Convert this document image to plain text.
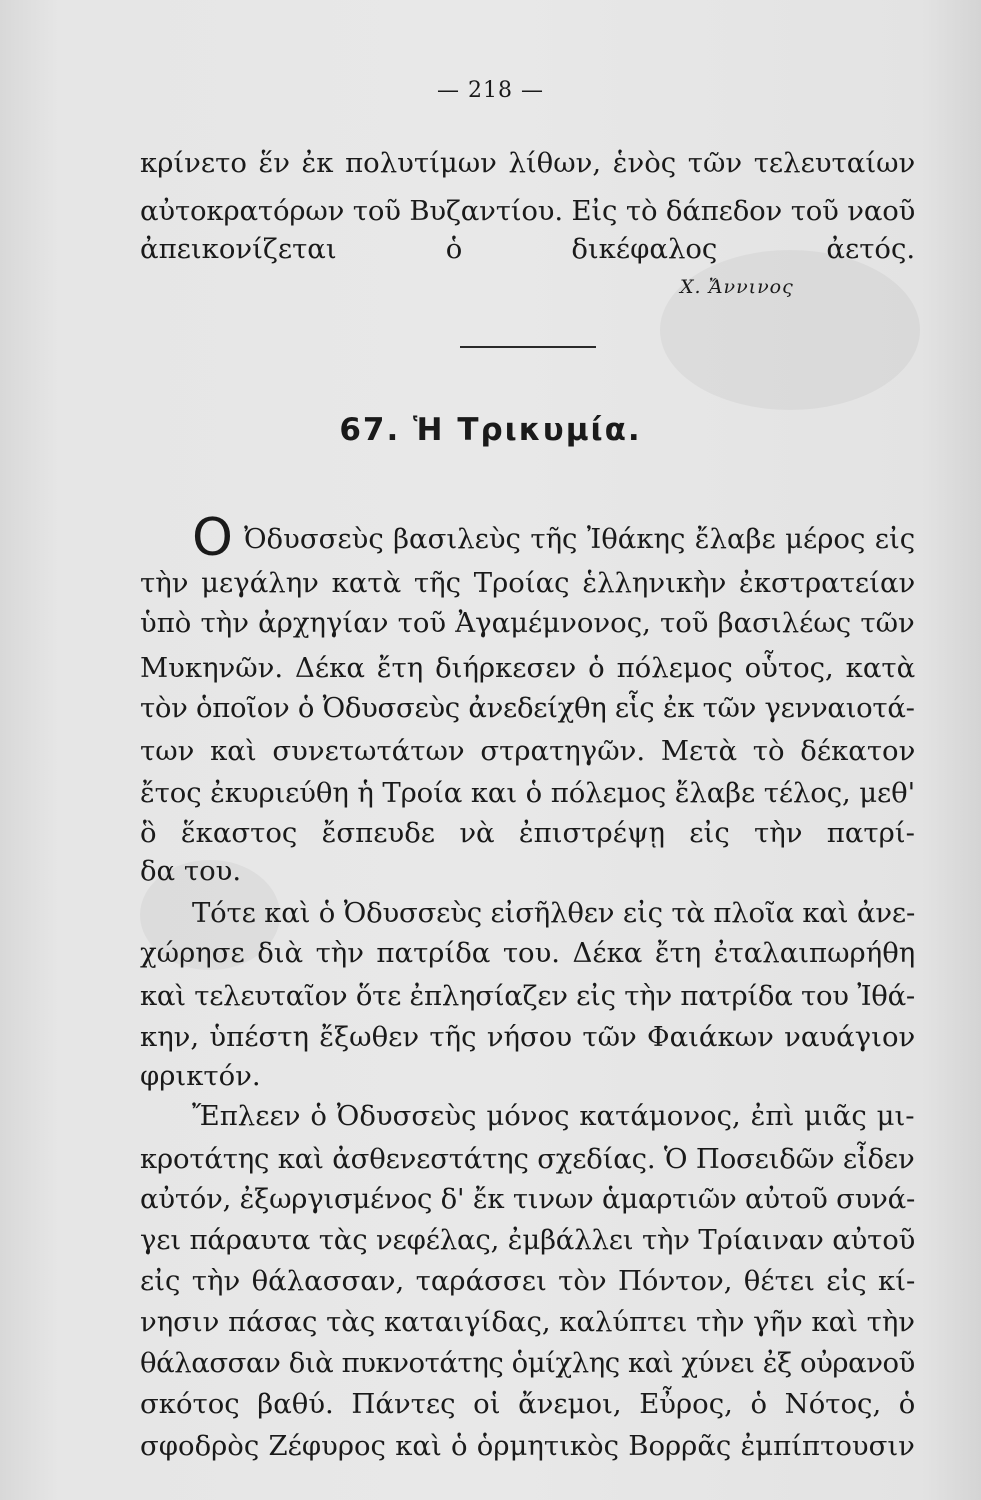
— 218 —
κρίνετο ἕν ἐκ πολυτίμων λίθων, ἑνὸς τῶν τελευταίων
αὐτοκρατόρων τοῦ Βυζαντίου. Εἰς τὸ δάπεδον τοῦ ναοῦ
ἀπεικονίζεται ὁ δικέφαλος ἀετός.
Χ. Ἄννινος
67. Ἡ Τρικυμία.
Ο Ὀδυσσεὺς βασιλεὺς τῆς Ἰθάκης ἔλαβε μέρος εἰς
τὴν μεγάλην κατὰ τῆς Τροίας ἑλληνικὴν ἐκστρατείαν
ὑπὸ τὴν ἀρχηγίαν τοῦ Ἀγαμέμνονος, τοῦ βασιλέως τῶν
Μυκηνῶν. Δέκα ἔτη διήρκεσεν ὁ πόλεμος οὗτος, κατὰ
τὸν ὁποῖον ὁ Ὀδυσσεὺς ἀνεδείχθη εἷς ἐκ τῶν γενναιοτά-
των καὶ συνετωτάτων στρατηγῶν. Μετὰ τὸ δέκατον
ἔτος ἐκυριεύθη ἡ Τροία και ὁ πόλεμος ἔλαβε τέλος, μεθ'
ὃ ἕκαστος ἔσπευδε νὰ ἐπιστρέψῃ εἰς τὴν πατρί-
δα του.
Τότε καὶ ὁ Ὀδυσσεὺς εἰσῆλθεν εἰς τὰ πλοῖα καὶ ἀνε-
χώρησε διὰ τὴν πατρίδα του. Δέκα ἔτη ἐταλαιπωρήθη
καὶ τελευταῖον ὅτε ἐπλησίαζεν εἰς τὴν πατρίδα του Ἰθά-
κην, ὑπέστη ἔξωθεν τῆς νήσου τῶν Φαιάκων ναυάγιον
φρικτόν.
Ἔπλεεν ὁ Ὀδυσσεὺς μόνος κατάμονος, ἐπὶ μιᾶς μι-
κροτάτης καὶ ἀσθενεστάτης σχεδίας. Ὁ Ποσειδῶν εἶδεν
αὐτόν, ἐξωργισμένος δ' ἔκ τινων ἁμαρτιῶν αὐτοῦ συνά-
γει πάραυτα τὰς νεφέλας, ἐμβάλλει τὴν Τρίαιναν αὐτοῦ
εἰς τὴν θάλασσαν, ταράσσει τὸν Πόντον, θέτει εἰς κί-
νησιν πάσας τὰς καταιγίδας, καλύπτει τὴν γῆν καὶ τὴν
θάλασσαν διὰ πυκνοτάτης ὁμίχλης καὶ χύνει ἐξ οὐρανοῦ
σκότος βαθύ. Πάντες οἱ ἄνεμοι, Εὖρος, ὁ Νότος, ὁ
σφοδρὸς Ζέφυρος καὶ ὁ ὁρμητικὸς Βορρᾶς ἐμπίπτουσιν
